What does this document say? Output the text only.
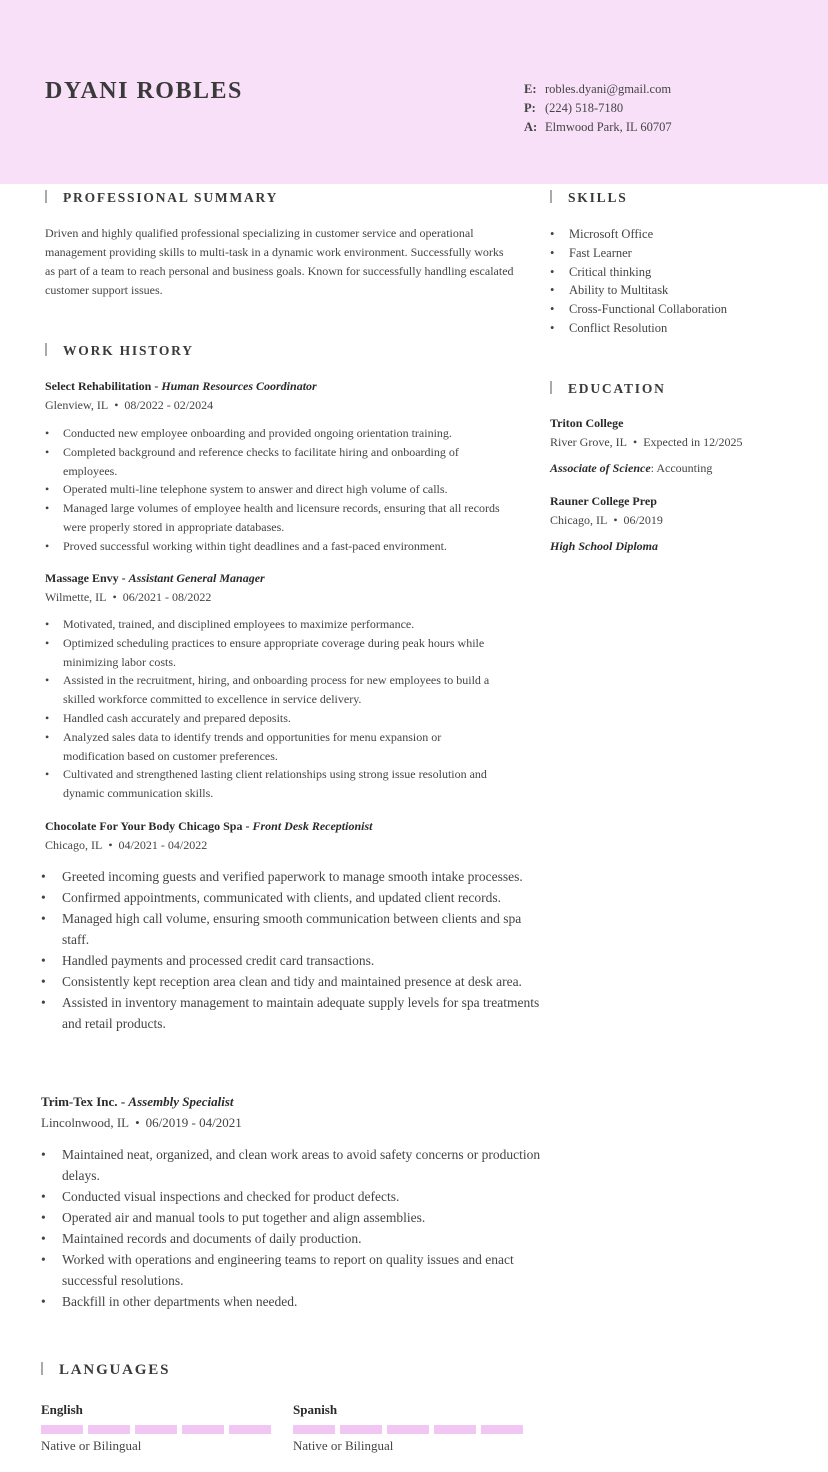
DYANI ROBLES	E: robles.dyani@gmail.com
P: (224) 518-7180
A: Elmwood Park, IL 60707
PROFESSIONAL SUMMARY
Driven and highly qualified professional specializing in customer service and operational management providing skills to multi-task in a dynamic work environment. Successfully works as part of a team to reach personal and business goals. Known for successfully handling escalated customer support issues.
WORK HISTORY
Select Rehabilitation - Human Resources Coordinator
Glenview, IL • 08/2022 - 02/2024
• Conducted new employee onboarding and provided ongoing orientation training.
• Completed background and reference checks to facilitate hiring and onboarding of employees.
• Operated multi-line telephone system to answer and direct high volume of calls.
• Managed large volumes of employee health and licensure records, ensuring that all records were properly stored in appropriate databases.
• Proved successful working within tight deadlines and a fast-paced environment.
Massage Envy - Assistant General Manager
Wilmette, IL • 06/2021 - 08/2022
• Motivated, trained, and disciplined employees to maximize performance.
• Optimized scheduling practices to ensure appropriate coverage during peak hours while minimizing labor costs.
• Assisted in the recruitment, hiring, and onboarding process for new employees to build a skilled workforce committed to excellence in service delivery.
• Handled cash accurately and prepared deposits.
• Analyzed sales data to identify trends and opportunities for menu expansion or modification based on customer preferences.
• Cultivated and strengthened lasting client relationships using strong issue resolution and dynamic communication skills.
Chocolate For Your Body Chicago Spa - Front Desk Receptionist
Chicago, IL • 04/2021 - 04/2022
• Greeted incoming guests and verified paperwork to manage smooth intake processes.
• Confirmed appointments, communicated with clients, and updated client records.
• Managed high call volume, ensuring smooth communication between clients and spa staff.
• Handled payments and processed credit card transactions.
• Consistently kept reception area clean and tidy and maintained presence at desk area.
• Assisted in inventory management to maintain adequate supply levels for spa treatments and retail products.
Trim-Tex Inc. - Assembly Specialist
Lincolnwood, IL • 06/2019 - 04/2021
• Maintained neat, organized, and clean work areas to avoid safety concerns or production delays.
• Conducted visual inspections and checked for product defects.
• Operated air and manual tools to put together and align assemblies.
• Maintained records and documents of daily production.
• Worked with operations and engineering teams to report on quality issues and enact successful resolutions.
• Backfill in other departments when needed.
SKILLS
• Microsoft Office
• Fast Learner
• Critical thinking
• Ability to Multitask
• Cross-Functional Collaboration
• Conflict Resolution
EDUCATION
Triton College
River Grove, IL • Expected in 12/2025
Associate of Science: Accounting
Rauner College Prep
Chicago, IL • 06/2019
High School Diploma
LANGUAGES
English
Native or Bilingual
Spanish
Native or Bilingual
